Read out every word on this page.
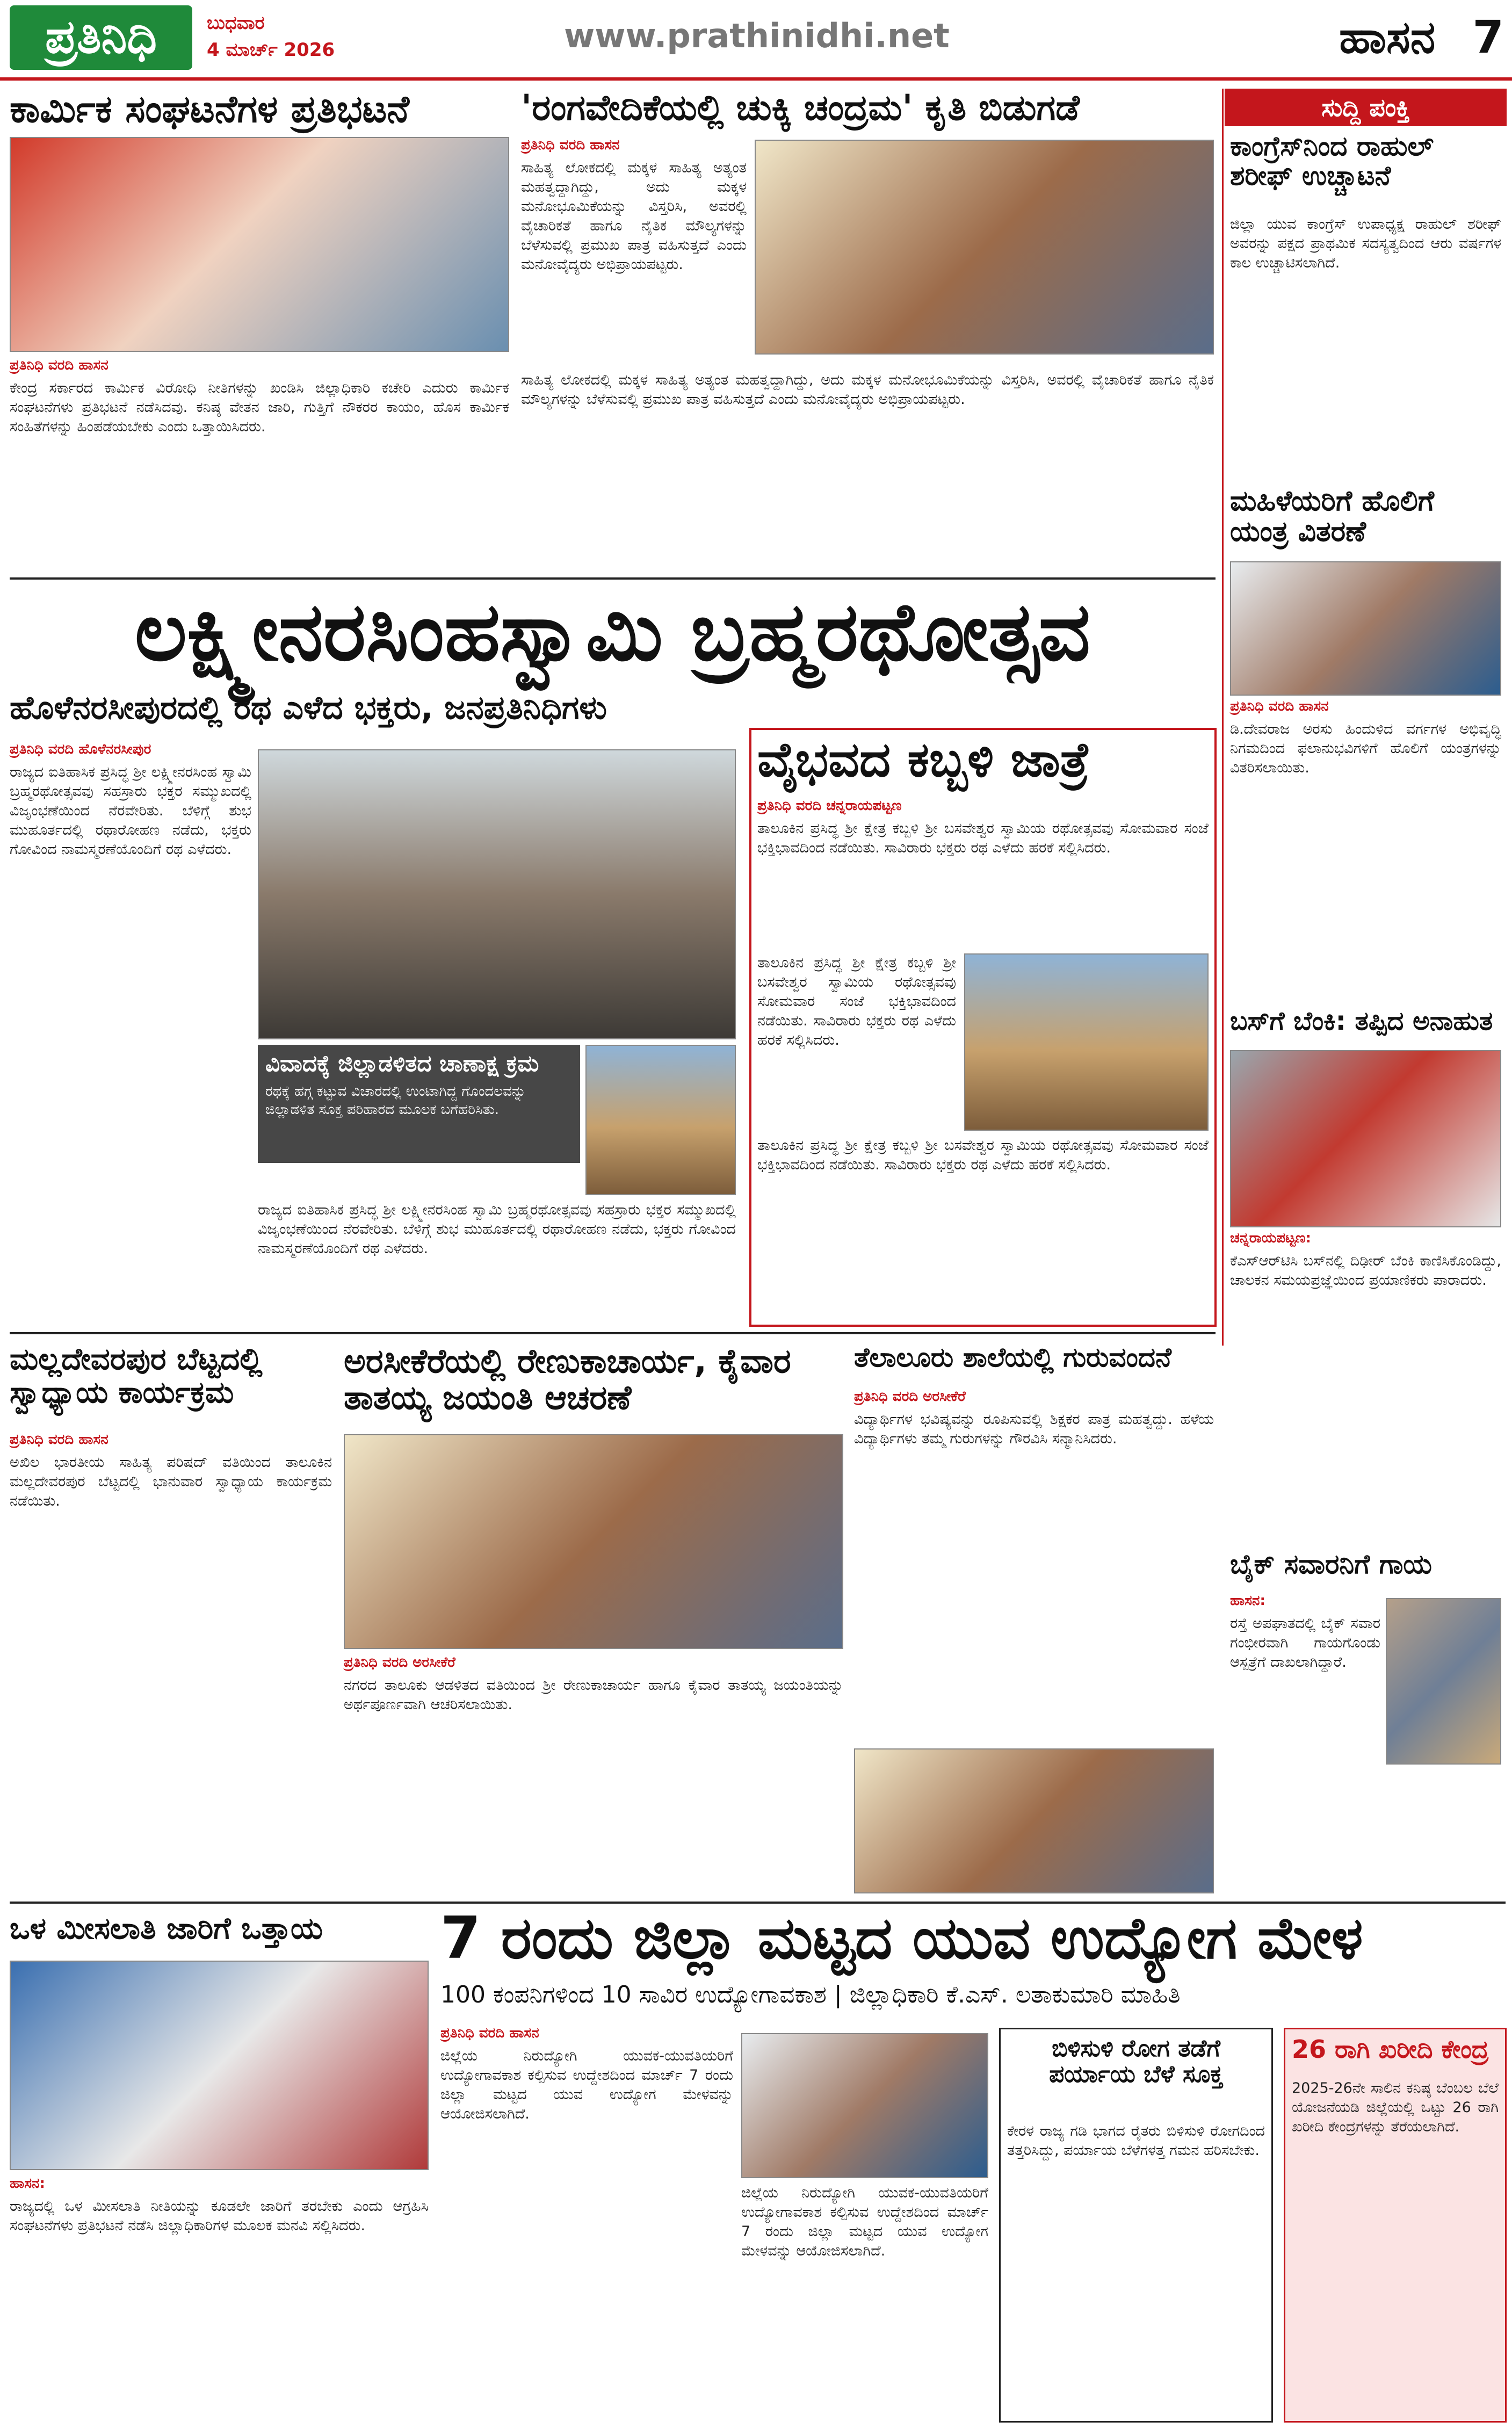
ಪ್ರತಿನಿಧಿ	ಬುಧವಾರ
4 ಮಾರ್ಚ್ 2026	www.prathinidhi.net	ಹಾಸನ 7
ಕಾರ್ಮಿಕ ಸಂಘಟನೆಗಳ ಪ್ರತಿಭಟನೆ
ಪ್ರತಿನಿಧಿ ವರದಿ ಹಾಸನ
ಕೇಂದ್ರ ಸರ್ಕಾರದ ಕಾರ್ಮಿಕ ವಿರೋಧಿ ನೀತಿಗಳನ್ನು ಖಂಡಿಸಿ ಜಿಲ್ಲಾಧಿಕಾರಿ ಕಚೇರಿ ಎದುರು ಕಾರ್ಮಿಕ ಸಂಘಟನೆಗಳು ಪ್ರತಿಭಟನೆ ನಡೆಸಿದವು. ಕನಿಷ್ಠ ವೇತನ ಜಾರಿ, ಗುತ್ತಿಗೆ ನೌಕರರ ಕಾಯಂ, ಹೊಸ ಕಾರ್ಮಿಕ ಸಂಹಿತೆಗಳನ್ನು ಹಿಂಪಡೆಯಬೇಕು ಎಂದು ಒತ್ತಾಯಿಸಿದರು.
'ರಂಗವೇದಿಕೆಯಲ್ಲಿ ಚುಕ್ಕಿ ಚಂದ್ರಮ' ಕೃತಿ ಬಿಡುಗಡೆ
ಪ್ರತಿನಿಧಿ ವರದಿ ಹಾಸನ
ಸಾಹಿತ್ಯ ಲೋಕದಲ್ಲಿ ಮಕ್ಕಳ ಸಾಹಿತ್ಯ ಅತ್ಯಂತ ಮಹತ್ವದ್ದಾಗಿದ್ದು, ಅದು ಮಕ್ಕಳ ಮನೋಭೂಮಿಕೆಯನ್ನು ವಿಸ್ತರಿಸಿ, ಅವರಲ್ಲಿ ವೈಚಾರಿಕತೆ ಹಾಗೂ ನೈತಿಕ ಮೌಲ್ಯಗಳನ್ನು ಬೆಳೆಸುವಲ್ಲಿ ಪ್ರಮುಖ ಪಾತ್ರ ವಹಿಸುತ್ತದೆ ಎಂದು ಮನೋವೈದ್ಯರು ಅಭಿಪ್ರಾಯಪಟ್ಟರು.
ಸಾಹಿತ್ಯ ಲೋಕದಲ್ಲಿ ಮಕ್ಕಳ ಸಾಹಿತ್ಯ ಅತ್ಯಂತ ಮಹತ್ವದ್ದಾಗಿದ್ದು, ಅದು ಮಕ್ಕಳ ಮನೋಭೂಮಿಕೆಯನ್ನು ವಿಸ್ತರಿಸಿ, ಅವರಲ್ಲಿ ವೈಚಾರಿಕತೆ ಹಾಗೂ ನೈತಿಕ ಮೌಲ್ಯಗಳನ್ನು ಬೆಳೆಸುವಲ್ಲಿ ಪ್ರಮುಖ ಪಾತ್ರ ವಹಿಸುತ್ತದೆ ಎಂದು ಮನೋವೈದ್ಯರು ಅಭಿಪ್ರಾಯಪಟ್ಟರು.
ಸುದ್ದಿ ಪಂಕ್ತಿ
ಕಾಂಗ್ರೆಸ್‌ನಿಂದ ರಾಹುಲ್ ಶರೀಫ್ ಉಚ್ಚಾಟನೆ
ಜಿಲ್ಲಾ ಯುವ ಕಾಂಗ್ರೆಸ್ ಉಪಾಧ್ಯಕ್ಷ ರಾಹುಲ್ ಶರೀಫ್ ಅವರನ್ನು ಪಕ್ಷದ ಪ್ರಾಥಮಿಕ ಸದಸ್ಯತ್ವದಿಂದ ಆರು ವರ್ಷಗಳ ಕಾಲ ಉಚ್ಚಾಟಿಸಲಾಗಿದೆ.
ಮಹಿಳೆಯರಿಗೆ ಹೊಲಿಗೆ ಯಂತ್ರ ವಿತರಣೆ
ಪ್ರತಿನಿಧಿ ವರದಿ ಹಾಸನ
ಡಿ.ದೇವರಾಜ ಅರಸು ಹಿಂದುಳಿದ ವರ್ಗಗಳ ಅಭಿವೃದ್ಧಿ ನಿಗಮದಿಂದ ಫಲಾನುಭವಿಗಳಿಗೆ ಹೊಲಿಗೆ ಯಂತ್ರಗಳನ್ನು ವಿತರಿಸಲಾಯಿತು.
ಬಸ್‌ಗೆ ಬೆಂಕಿ: ತಪ್ಪಿದ ಅನಾಹುತ
ಚನ್ನರಾಯಪಟ್ಟಣ:
ಕೆಎಸ್‌ಆರ್‌ಟಿಸಿ ಬಸ್‌ನಲ್ಲಿ ದಿಢೀರ್ ಬೆಂಕಿ ಕಾಣಿಸಿಕೊಂಡಿದ್ದು, ಚಾಲಕನ ಸಮಯಪ್ರಜ್ಞೆಯಿಂದ ಪ್ರಯಾಣಿಕರು ಪಾರಾದರು.
ಬೈಕ್ ಸವಾರನಿಗೆ ಗಾಯ
ಹಾಸನ:
ರಸ್ತೆ ಅಪಘಾತದಲ್ಲಿ ಬೈಕ್ ಸವಾರ ಗಂಭೀರವಾಗಿ ಗಾಯಗೊಂಡು ಆಸ್ಪತ್ರೆಗೆ ದಾಖಲಾಗಿದ್ದಾರೆ.
ಲಕ್ಷ್ಮೀನರಸಿಂಹಸ್ವಾಮಿ ಬ್ರಹ್ಮರಥೋತ್ಸವ
ಹೊಳೆನರಸೀಪುರದಲ್ಲಿ ರಥ ಎಳೆದ ಭಕ್ತರು, ಜನಪ್ರತಿನಿಧಿಗಳು
ಪ್ರತಿನಿಧಿ ವರದಿ ಹೊಳೆನರಸೀಪುರ
ರಾಜ್ಯದ ಐತಿಹಾಸಿಕ ಪ್ರಸಿದ್ಧ ಶ್ರೀ ಲಕ್ಷ್ಮೀನರಸಿಂಹ ಸ್ವಾಮಿ ಬ್ರಹ್ಮರಥೋತ್ಸವವು ಸಹಸ್ರಾರು ಭಕ್ತರ ಸಮ್ಮುಖದಲ್ಲಿ ವಿಜೃಂಭಣೆಯಿಂದ ನೆರವೇರಿತು. ಬೆಳಿಗ್ಗೆ ಶುಭ ಮುಹೂರ್ತದಲ್ಲಿ ರಥಾರೋಹಣ ನಡೆದು, ಭಕ್ತರು ಗೋವಿಂದ ನಾಮಸ್ಮರಣೆಯೊಂದಿಗೆ ರಥ ಎಳೆದರು.
ವಿವಾದಕ್ಕೆ ಜಿಲ್ಲಾಡಳಿತದ ಚಾಣಾಕ್ಷ ಕ್ರಮ
ರಥಕ್ಕೆ ಹಗ್ಗ ಕಟ್ಟುವ ವಿಚಾರದಲ್ಲಿ ಉಂಟಾಗಿದ್ದ ಗೊಂದಲವನ್ನು ಜಿಲ್ಲಾಡಳಿತ ಸೂಕ್ತ ಪರಿಹಾರದ ಮೂಲಕ ಬಗೆಹರಿಸಿತು.
ರಾಜ್ಯದ ಐತಿಹಾಸಿಕ ಪ್ರಸಿದ್ಧ ಶ್ರೀ ಲಕ್ಷ್ಮೀನರಸಿಂಹ ಸ್ವಾಮಿ ಬ್ರಹ್ಮರಥೋತ್ಸವವು ಸಹಸ್ರಾರು ಭಕ್ತರ ಸಮ್ಮುಖದಲ್ಲಿ ವಿಜೃಂಭಣೆಯಿಂದ ನೆರವೇರಿತು. ಬೆಳಿಗ್ಗೆ ಶುಭ ಮುಹೂರ್ತದಲ್ಲಿ ರಥಾರೋಹಣ ನಡೆದು, ಭಕ್ತರು ಗೋವಿಂದ ನಾಮಸ್ಮರಣೆಯೊಂದಿಗೆ ರಥ ಎಳೆದರು.
ವೈಭವದ ಕಬ್ಬಳಿ ಜಾತ್ರೆ
ಪ್ರತಿನಿಧಿ ವರದಿ ಚನ್ನರಾಯಪಟ್ಟಣ
ತಾಲೂಕಿನ ಪ್ರಸಿದ್ಧ ಶ್ರೀ ಕ್ಷೇತ್ರ ಕಬ್ಬಳಿ ಶ್ರೀ ಬಸವೇಶ್ವರ ಸ್ವಾಮಿಯ ರಥೋತ್ಸವವು ಸೋಮವಾರ ಸಂಜೆ ಭಕ್ತಿಭಾವದಿಂದ ನಡೆಯಿತು. ಸಾವಿರಾರು ಭಕ್ತರು ರಥ ಎಳೆದು ಹರಕೆ ಸಲ್ಲಿಸಿದರು.
ತಾಲೂಕಿನ ಪ್ರಸಿದ್ಧ ಶ್ರೀ ಕ್ಷೇತ್ರ ಕಬ್ಬಳಿ ಶ್ರೀ ಬಸವೇಶ್ವರ ಸ್ವಾಮಿಯ ರಥೋತ್ಸವವು ಸೋಮವಾರ ಸಂಜೆ ಭಕ್ತಿಭಾವದಿಂದ ನಡೆಯಿತು. ಸಾವಿರಾರು ಭಕ್ತರು ರಥ ಎಳೆದು ಹರಕೆ ಸಲ್ಲಿಸಿದರು.
ತಾಲೂಕಿನ ಪ್ರಸಿದ್ಧ ಶ್ರೀ ಕ್ಷೇತ್ರ ಕಬ್ಬಳಿ ಶ್ರೀ ಬಸವೇಶ್ವರ ಸ್ವಾಮಿಯ ರಥೋತ್ಸವವು ಸೋಮವಾರ ಸಂಜೆ ಭಕ್ತಿಭಾವದಿಂದ ನಡೆಯಿತು. ಸಾವಿರಾರು ಭಕ್ತರು ರಥ ಎಳೆದು ಹರಕೆ ಸಲ್ಲಿಸಿದರು.
ಮಲ್ಲದೇವರಪುರ ಬೆಟ್ಟದಲ್ಲಿ ಸ್ವಾಧ್ಯಾಯ ಕಾರ್ಯಕ್ರಮ
ಪ್ರತಿನಿಧಿ ವರದಿ ಹಾಸನ
ಅಖಿಲ ಭಾರತೀಯ ಸಾಹಿತ್ಯ ಪರಿಷದ್ ವತಿಯಿಂದ ತಾಲೂಕಿನ ಮಲ್ಲದೇವರಪುರ ಬೆಟ್ಟದಲ್ಲಿ ಭಾನುವಾರ ಸ್ವಾಧ್ಯಾಯ ಕಾರ್ಯಕ್ರಮ ನಡೆಯಿತು.
ಅರಸೀಕೆರೆಯಲ್ಲಿ ರೇಣುಕಾಚಾರ್ಯ, ಕೈವಾರ ತಾತಯ್ಯ ಜಯಂತಿ ಆಚರಣೆ
ಪ್ರತಿನಿಧಿ ವರದಿ ಅರಸೀಕೆರೆ
ನಗರದ ತಾಲೂಕು ಆಡಳಿತದ ವತಿಯಿಂದ ಶ್ರೀ ರೇಣುಕಾಚಾರ್ಯ ಹಾಗೂ ಕೈವಾರ ತಾತಯ್ಯ ಜಯಂತಿಯನ್ನು ಅರ್ಥಪೂರ್ಣವಾಗಿ ಆಚರಿಸಲಾಯಿತು.
ತೆಲಾಲೂರು ಶಾಲೆಯಲ್ಲಿ ಗುರುವಂದನೆ
ಪ್ರತಿನಿಧಿ ವರದಿ ಅರಸೀಕೆರೆ
ವಿದ್ಯಾರ್ಥಿಗಳ ಭವಿಷ್ಯವನ್ನು ರೂಪಿಸುವಲ್ಲಿ ಶಿಕ್ಷಕರ ಪಾತ್ರ ಮಹತ್ವದ್ದು. ಹಳೆಯ ವಿದ್ಯಾರ್ಥಿಗಳು ತಮ್ಮ ಗುರುಗಳನ್ನು ಗೌರವಿಸಿ ಸನ್ಮಾನಿಸಿದರು.
ಒಳ ಮೀಸಲಾತಿ ಜಾರಿಗೆ ಒತ್ತಾಯ
ಹಾಸನ:
ರಾಜ್ಯದಲ್ಲಿ ಒಳ ಮೀಸಲಾತಿ ನೀತಿಯನ್ನು ಕೂಡಲೇ ಜಾರಿಗೆ ತರಬೇಕು ಎಂದು ಆಗ್ರಹಿಸಿ ಸಂಘಟನೆಗಳು ಪ್ರತಿಭಟನೆ ನಡೆಸಿ ಜಿಲ್ಲಾಧಿಕಾರಿಗಳ ಮೂಲಕ ಮನವಿ ಸಲ್ಲಿಸಿದರು.
7 ರಂದು ಜಿಲ್ಲಾ ಮಟ್ಟದ ಯುವ ಉದ್ಯೋಗ ಮೇಳ
100 ಕಂಪನಿಗಳಿಂದ 10 ಸಾವಿರ ಉದ್ಯೋಗಾವಕಾಶ | ಜಿಲ್ಲಾಧಿಕಾರಿ ಕೆ.ಎಸ್. ಲತಾಕುಮಾರಿ ಮಾಹಿತಿ
ಪ್ರತಿನಿಧಿ ವರದಿ ಹಾಸನ
ಜಿಲ್ಲೆಯ ನಿರುದ್ಯೋಗಿ ಯುವಕ-ಯುವತಿಯರಿಗೆ ಉದ್ಯೋಗಾವಕಾಶ ಕಲ್ಪಿಸುವ ಉದ್ದೇಶದಿಂದ ಮಾರ್ಚ್ 7 ರಂದು ಜಿಲ್ಲಾ ಮಟ್ಟದ ಯುವ ಉದ್ಯೋಗ ಮೇಳವನ್ನು ಆಯೋಜಿಸಲಾಗಿದೆ.
ಜಿಲ್ಲೆಯ ನಿರುದ್ಯೋಗಿ ಯುವಕ-ಯುವತಿಯರಿಗೆ ಉದ್ಯೋಗಾವಕಾಶ ಕಲ್ಪಿಸುವ ಉದ್ದೇಶದಿಂದ ಮಾರ್ಚ್ 7 ರಂದು ಜಿಲ್ಲಾ ಮಟ್ಟದ ಯುವ ಉದ್ಯೋಗ ಮೇಳವನ್ನು ಆಯೋಜಿಸಲಾಗಿದೆ.
ಬಿಳಿಸುಳಿ ರೋಗ ತಡೆಗೆ ಪರ್ಯಾಯ ಬೆಳೆ ಸೂಕ್ತ
ಕೇರಳ ರಾಜ್ಯ ಗಡಿ ಭಾಗದ ರೈತರು ಬಿಳಿಸುಳಿ ರೋಗದಿಂದ ತತ್ತರಿಸಿದ್ದು, ಪರ್ಯಾಯ ಬೆಳೆಗಳತ್ತ ಗಮನ ಹರಿಸಬೇಕು.
26 ರಾಗಿ ಖರೀದಿ ಕೇಂದ್ರ
2025-26ನೇ ಸಾಲಿನ ಕನಿಷ್ಠ ಬೆಂಬಲ ಬೆಲೆ ಯೋಜನೆಯಡಿ ಜಿಲ್ಲೆಯಲ್ಲಿ ಒಟ್ಟು 26 ರಾಗಿ ಖರೀದಿ ಕೇಂದ್ರಗಳನ್ನು ತೆರೆಯಲಾಗಿದೆ.
